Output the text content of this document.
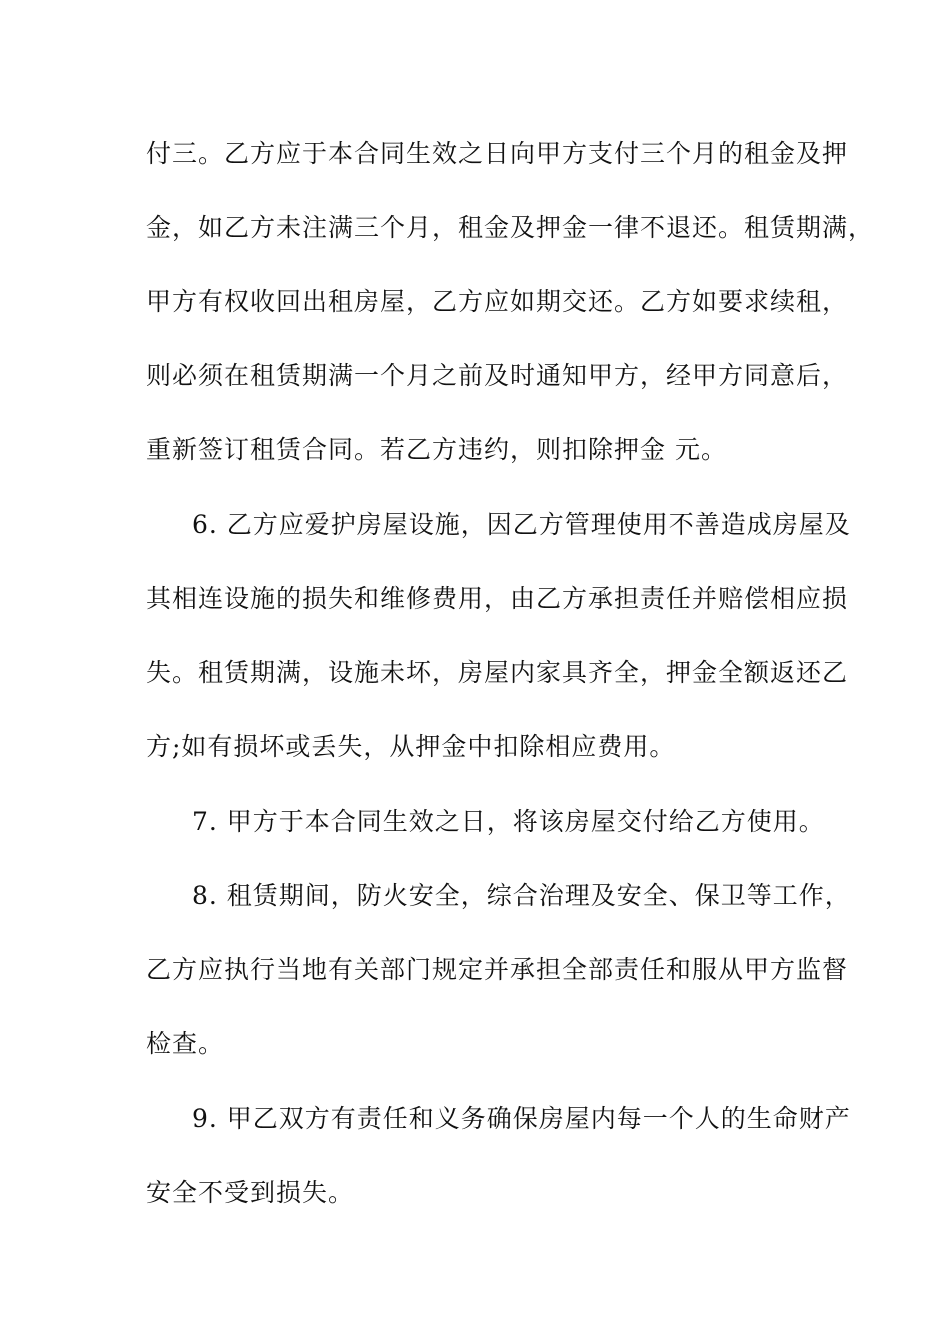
付三。乙方应于本合同生效之日向甲方支付三个月的租金及押
金，如乙方未注满三个月，租金及押金一律不退还。租赁期满，
甲方有权收回出租房屋，乙方应如期交还。乙方如要求续租，
则必须在租赁期满一个月之前及时通知甲方，经甲方同意后，
重新签订租赁合同。若乙方违约，则扣除押金 元。
6. 乙方应爱护房屋设施，因乙方管理使用不善造成房屋及
其相连设施的损失和维修费用，由乙方承担责任并赔偿相应损
失。租赁期满，设施未坏，房屋内家具齐全，押金全额返还乙
方;如有损坏或丢失，从押金中扣除相应费用。
7. 甲方于本合同生效之日，将该房屋交付给乙方使用。
8. 租赁期间，防火安全，综合治理及安全、保卫等工作，
乙方应执行当地有关部门规定并承担全部责任和服从甲方监督
检查。
9. 甲乙双方有责任和义务确保房屋内每一个人的生命财产
安全不受到损失。
